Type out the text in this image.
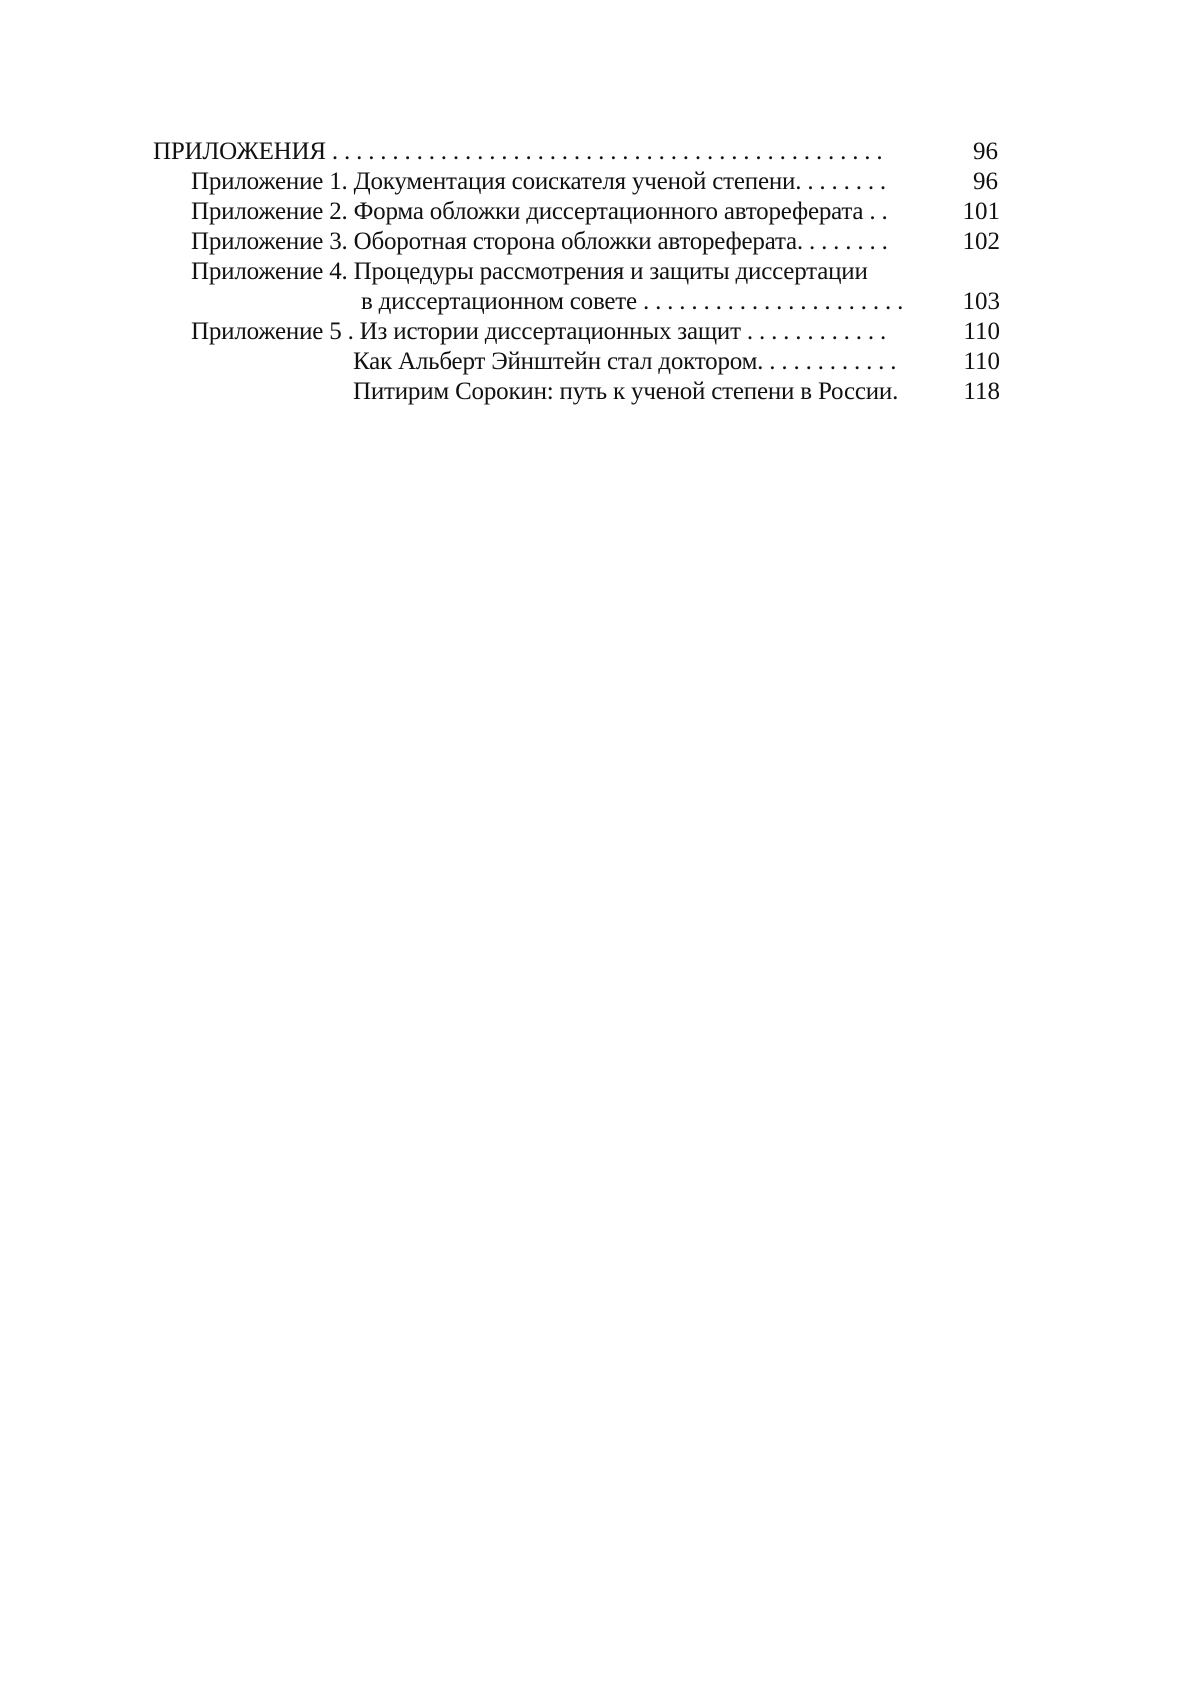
ПРИЛОЖЕНИЯ . . . . . . . . . . . . . . . . . . . . . . . . . . . . . . . . . . . . . . . . . . . . . .	96
Приложение 1. Документация соискателя ученой степени. . . . . . . .	96
Приложение 2. Форма обложки диссертационного автореферата . .	101
Приложение 3. Оборотная сторона обложки автореферата. . . . . . . .	102
Приложение 4. Процедуры рассмотрения и защиты диссертации
в диссертационном совете . . . . . . . . . . . . . . . . . . . . . .	103
Приложение 5 . Из истории диссертационных защит . . . . . . . . . . . .	110
Как Альберт Эйнштейн стал доктором. . . . . . . . . . . .	110
Питирим Сорокин: путь к ученой степени в России.	118
